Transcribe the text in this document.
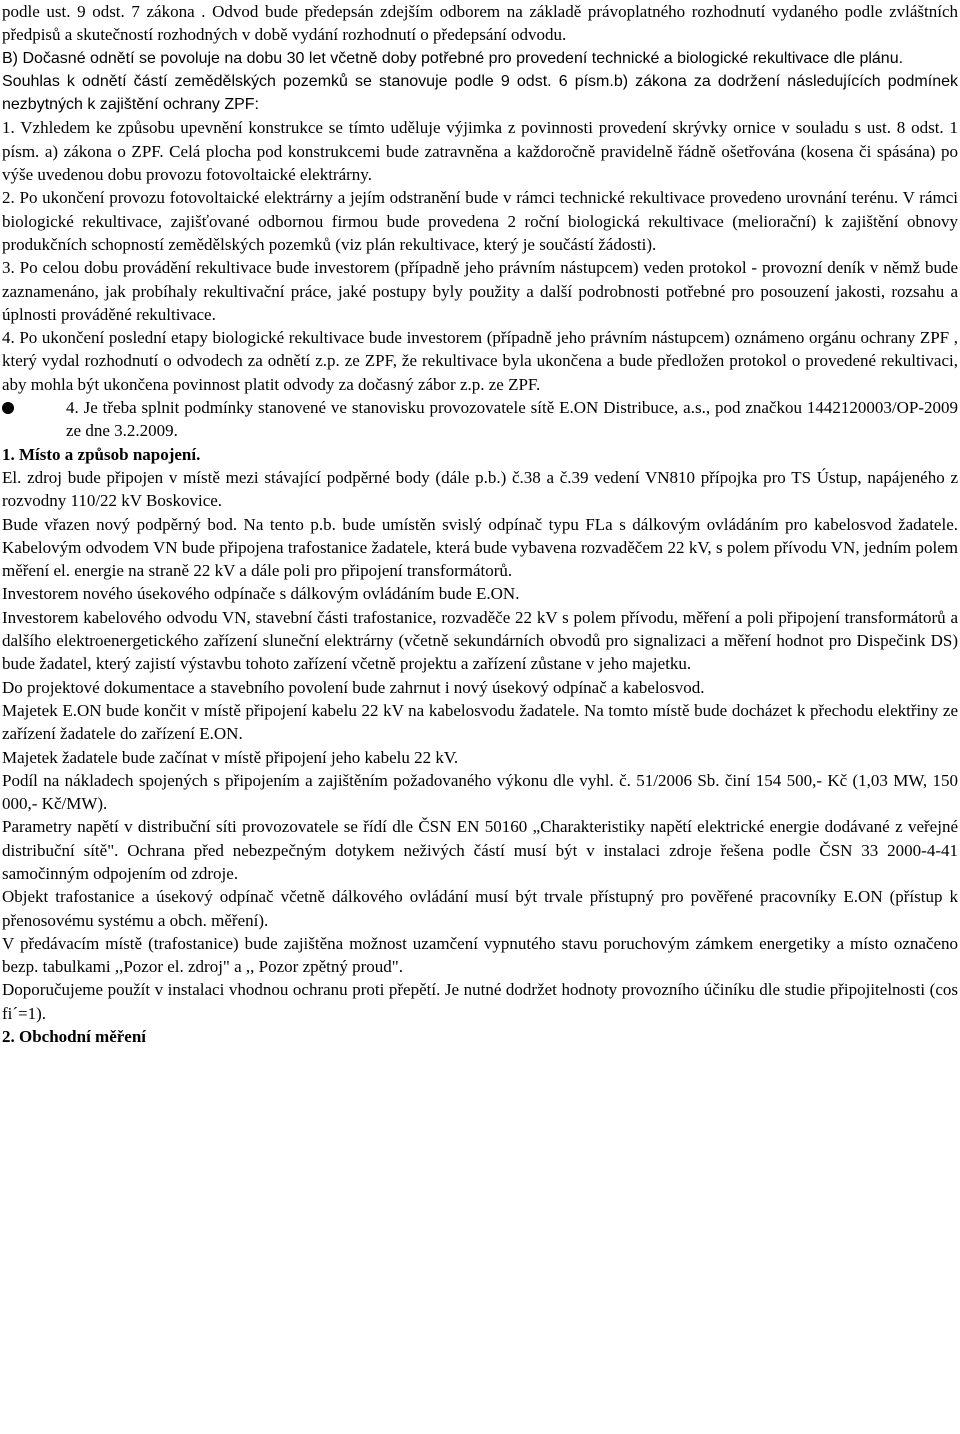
podle ust. 9 odst. 7 zákona . Odvod bude předepsán zdejším odborem na základě právoplatného rozhodnutí vydaného podle zvláštních předpisů a skutečností rozhodných v době vydání rozhodnutí o předepsání odvodu.

B) Dočasné odnětí se povoluje na dobu 30 let včetně doby potřebné pro provedení technické a biologické rekultivace dle plánu.

Souhlas k odnětí částí zemědělských pozemků se stanovuje podle 9 odst. 6 písm.b) zákona za dodržení následujících podmínek nezbytných k zajištění ochrany ZPF:

1. Vzhledem ke způsobu upevnění konstrukce se tímto uděluje výjimka z povinnosti provedení skrývky ornice v souladu s ust. 8 odst. 1 písm. a) zákona o ZPF. Celá plocha pod konstrukcemi bude zatravněna a každoročně pravidelně řádně ošetřována (kosena či spásána) po výše uvedenou dobu provozu fotovoltaické elektrárny.

2. Po ukončení provozu fotovoltaické elektrárny a jejím odstranění bude v rámci technické rekultivace provedeno urovnání terénu. V rámci biologické rekultivace, zajišťované odbornou firmou bude provedena 2 roční biologická rekultivace (meliorační) k zajištění obnovy produkčních schopností zemědělských pozemků (viz plán rekultivace, který je součástí žádosti).

3. Po celou dobu provádění rekultivace bude investorem (případně jeho právním nástupcem) veden protokol - provozní deník v němž bude zaznamenáno, jak probíhaly rekultivační práce, jaké postupy byly použity a další podrobnosti potřebné pro posouzení jakosti, rozsahu a úplnosti prováděné rekultivace.

4. Po ukončení poslední etapy biologické rekultivace bude investorem (případně jeho právním nástupcem) oznámeno orgánu ochrany ZPF , který vydal rozhodnutí o odvodech za odnětí z.p. ze ZPF, že rekultivace byla ukončena a bude předložen protokol o provedené rekultivaci, aby mohla být ukončena povinnost platit odvody za dočasný zábor z.p. ze ZPF.

4. Je třeba splnit podmínky stanovené ve stanovisku provozovatele sítě E.ON Distribuce, a.s., pod značkou 1442120003/OP-2009 ze dne 3.2.2009.

1. Místo a způsob napojení.

El. zdroj bude připojen v místě mezi stávající podpěrné body (dále p.b.) č.38 a č.39 vedení VN810 přípojka pro TS Ústup, napájeného z rozvodny 110/22 kV Boskovice.

Bude vřazen nový podpěrný bod. Na tento p.b. bude umístěn svislý odpínač typu FLa s dálkovým ovládáním pro kabelosvod žadatele. Kabelovým odvodem VN bude připojena trafostanice žadatele, která bude vybavena rozvaděčem 22 kV, s polem přívodu VN, jedním polem měření el. energie na straně 22 kV a dále poli pro připojení transformátorů.

Investorem nového úsekového odpínače s dálkovým ovládáním bude E.ON.

Investorem kabelového odvodu VN, stavební části trafostanice, rozvaděče 22 kV s polem přívodu, měření a poli připojení transformátorů a dalšího elektroenergetického zařízení sluneční elektrárny (včetně sekundárních obvodů pro signalizaci a měření hodnot pro Dispečink DS) bude žadatel, který zajistí výstavbu tohoto zařízení včetně projektu a zařízení zůstane v jeho majetku.

Do projektové dokumentace a stavebního povolení bude zahrnut i nový úsekový odpínač a kabelosvod.

Majetek E.ON bude končit v místě připojení kabelu 22 kV na kabelosvodu žadatele. Na tomto místě bude docházet k přechodu elektřiny ze zařízení žadatele do zařízení E.ON.

Majetek žadatele bude začínat v místě připojení jeho kabelu 22 kV.

Podíl na nákladech spojených s připojením a zajištěním požadovaného výkonu dle vyhl. č. 51/2006 Sb. činí 154 500,- Kč (1,03 MW, 150 000,- Kč/MW).

Parametry napětí v distribuční síti provozovatele se řídí dle ČSN EN 50160 „Charakteristiky napětí elektrické energie dodávané z veřejné distribuční sítě". Ochrana před nebezpečným dotykem neživých částí musí být v instalaci zdroje řešena podle ČSN 33 2000-4-41 samočinným odpojením od zdroje.

Objekt trafostanice a úsekový odpínač včetně dálkového ovládání musí být trvale přístupný pro pověřené pracovníky E.ON (přístup k přenosovému systému a obch. měření).

V předávacím místě (trafostanice) bude zajištěna možnost uzamčení vypnutého stavu poruchovým zámkem energetiky a místo označeno bezp. tabulkami ,,Pozor el. zdroj" a ,, Pozor zpětný proud".

Doporučujeme použít v instalaci vhodnou ochranu proti přepětí. Je nutné dodržet hodnoty provozního účiníku dle studie připojitelnosti (cos fi´=1).

2. Obchodní měření
